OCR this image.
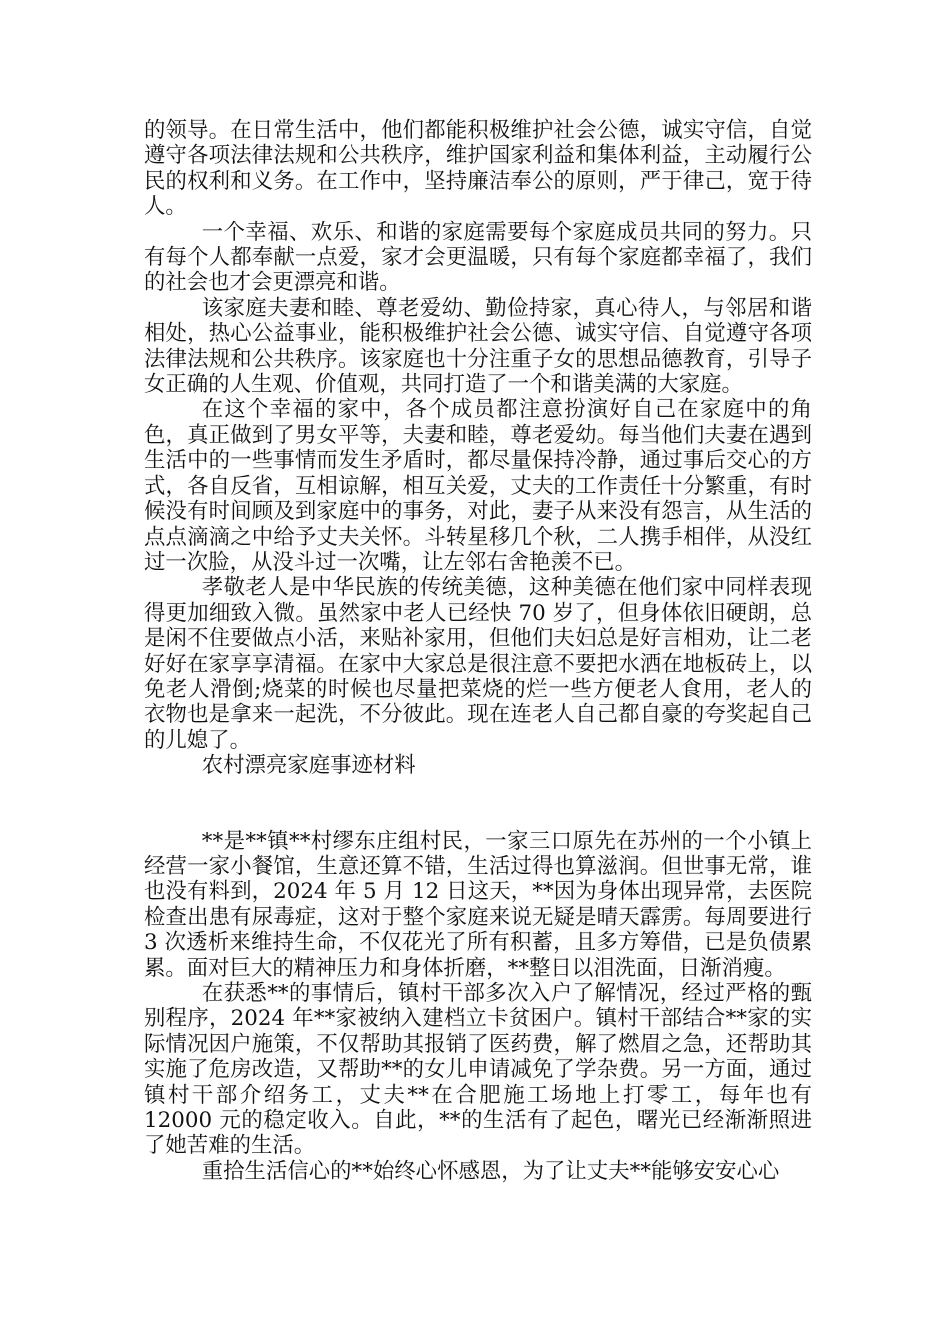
的领导。在日常生活中，他们都能积极维护社会公德，诚实守信，自觉遵守各项法律法规和公共秩序，维护国家利益和集体利益，主动履行公民的权利和义务。在工作中，坚持廉洁奉公的原则，严于律己，宽于待人。

一个幸福、欢乐、和谐的家庭需要每个家庭成员共同的努力。只有每个人都奉献一点爱，家才会更温暖，只有每个家庭都幸福了，我们的社会也才会更漂亮和谐。

该家庭夫妻和睦、尊老爱幼、勤俭持家，真心待人，与邻居和谐相处，热心公益事业，能积极维护社会公德、诚实守信、自觉遵守各项法律法规和公共秩序。该家庭也十分注重子女的思想品德教育，引导子女正确的人生观、价值观，共同打造了一个和谐美满的大家庭。

在这个幸福的家中，各个成员都注意扮演好自己在家庭中的角色，真正做到了男女平等，夫妻和睦，尊老爱幼。每当他们夫妻在遇到生活中的一些事情而发生矛盾时，都尽量保持冷静，通过事后交心的方式，各自反省，互相谅解，相互关爱，丈夫的工作责任十分繁重，有时候没有时间顾及到家庭中的事务，对此，妻子从来没有怨言，从生活的点点滴滴之中给予丈夫关怀。斗转星移几个秋，二人携手相伴，从没红过一次脸，从没斗过一次嘴，让左邻右舍艳羡不已。

孝敬老人是中华民族的传统美德，这种美德在他们家中同样表现得更加细致入微。虽然家中老人已经快 70 岁了，但身体依旧硬朗，总是闲不住要做点小活，来贴补家用，但他们夫妇总是好言相劝，让二老好好在家享享清福。在家中大家总是很注意不要把水洒在地板砖上，以免老人滑倒;烧菜的时候也尽量把菜烧的烂一些方便老人食用，老人的衣物也是拿来一起洗，不分彼此。现在连老人自己都自豪的夸奖起自己的儿媳了。

农村漂亮家庭事迹材料

**是**镇**村缪东庄组村民，一家三口原先在苏州的一个小镇上经营一家小餐馆，生意还算不错，生活过得也算滋润。但世事无常，谁也没有料到，2024 年 5 月 12 日这天，**因为身体出现异常，去医院检查出患有尿毒症，这对于整个家庭来说无疑是晴天霹雳。每周要进行 3 次透析来维持生命，不仅花光了所有积蓄，且多方筹借，已是负债累累。面对巨大的精神压力和身体折磨，**整日以泪洗面，日渐消瘦。

在获悉**的事情后，镇村干部多次入户了解情况，经过严格的甄别程序，2024 年**家被纳入建档立卡贫困户。镇村干部结合**家的实际情况因户施策，不仅帮助其报销了医药费，解了燃眉之急，还帮助其实施了危房改造，又帮助**的女儿申请减免了学杂费。另一方面，通过镇村干部介绍务工，丈夫**在合肥施工场地上打零工，每年也有 12000 元的稳定收入。自此，**的生活有了起色，曙光已经渐渐照进了她苦难的生活。

重拾生活信心的**始终心怀感恩，为了让丈夫**能够安安心心
